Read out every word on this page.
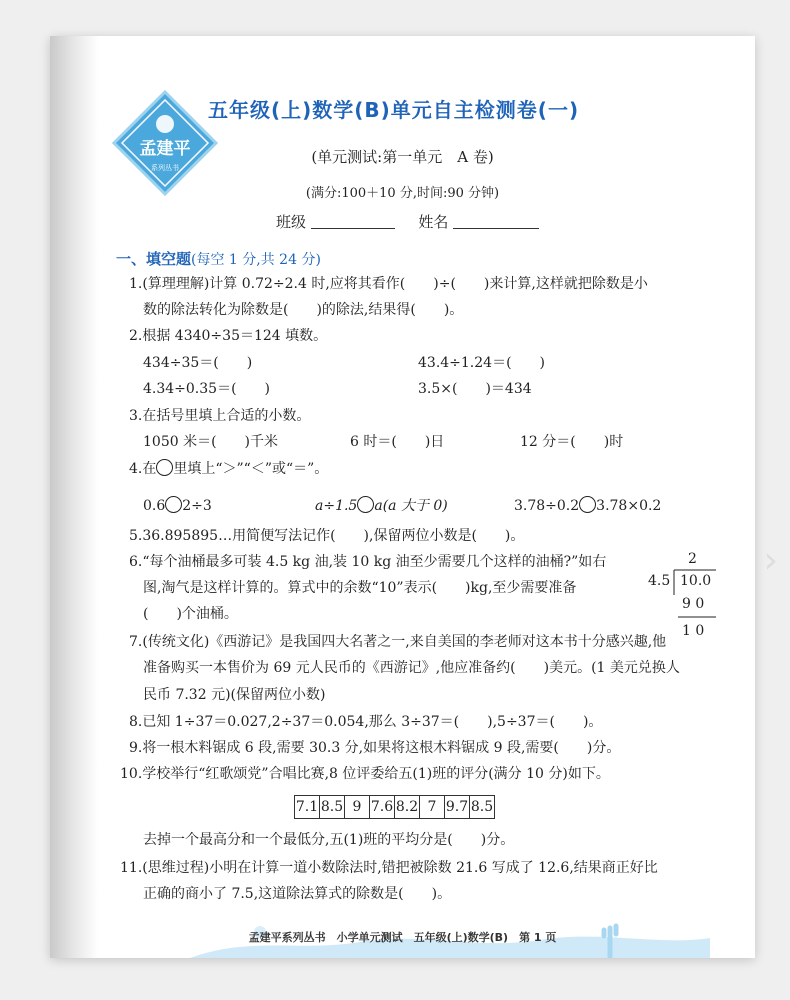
孟建平
系列丛书
五年级(上)数学(B)单元自主检测卷(一)
(单元测试:第一单元　A 卷)
(满分:100＋10 分,时间:90 分钟)
班级	姓名
一、填空题(每空 1 分,共 24 分)
1.(算理理解)计算 0.72÷2.4 时,应将其看作(　　)÷(　　)来计算,这样就把除数是小
数的除法转化为除数是(　　)的除法,结果得(　　)。
2.根据 4340÷35＝124 填数。
434÷35＝(　　)	43.4÷1.24＝(　　)
4.34÷0.35＝(　　)	3.5×(　　)＝434
3.在括号里填上合适的小数。
1050 米＝(　　)千米	6 时＝(　　)日	12 分＝(　　)时
4.在 里填上“＞”“＜”或“＝”。
0.6 2÷3	a÷1.5 a(a 大于 0)	3.78÷0.2 3.78×0.2
5.36.895895…用简便写法记作(　　),保留两位小数是(　　)。
6.“每个油桶最多可装 4.5 kg 油,装 10 kg 油至少需要几个这样的油桶?”如右
图,淘气是这样计算的。算式中的余数“10”表示(　　)kg,至少需要准备
(　　)个油桶。
2
4.5 10.0
9 0
1 0
7.(传统文化)《西游记》是我国四大名著之一,来自美国的李老师对这本书十分感兴趣,他
准备购买一本售价为 69 元人民币的《西游记》,他应准备约(　　)美元。(1 美元兑换人
民币 7.32 元)(保留两位小数)
8.已知 1÷37＝0.027,2÷37＝0.054,那么 3÷37＝(　　),5÷37＝(　　)。
9.将一根木料锯成 6 段,需要 30.3 分,如果将这根木料锯成 9 段,需要(　　)分。
10.学校举行“红歌颂党”合唱比赛,8 位评委给五(1)班的评分(满分 10 分)如下。
7.1	8.5	9	7.6	8.2	7	9.7	8.5
去掉一个最高分和一个最低分,五(1)班的平均分是(　　)分。
11.(思维过程)小明在计算一道小数除法时,错把被除数 21.6 写成了 12.6,结果商正好比
正确的商小了 7.5,这道除法算式的除数是(　　)。
孟建平系列丛书　小学单元测试　五年级(上)数学(B)　第 1 页
›
